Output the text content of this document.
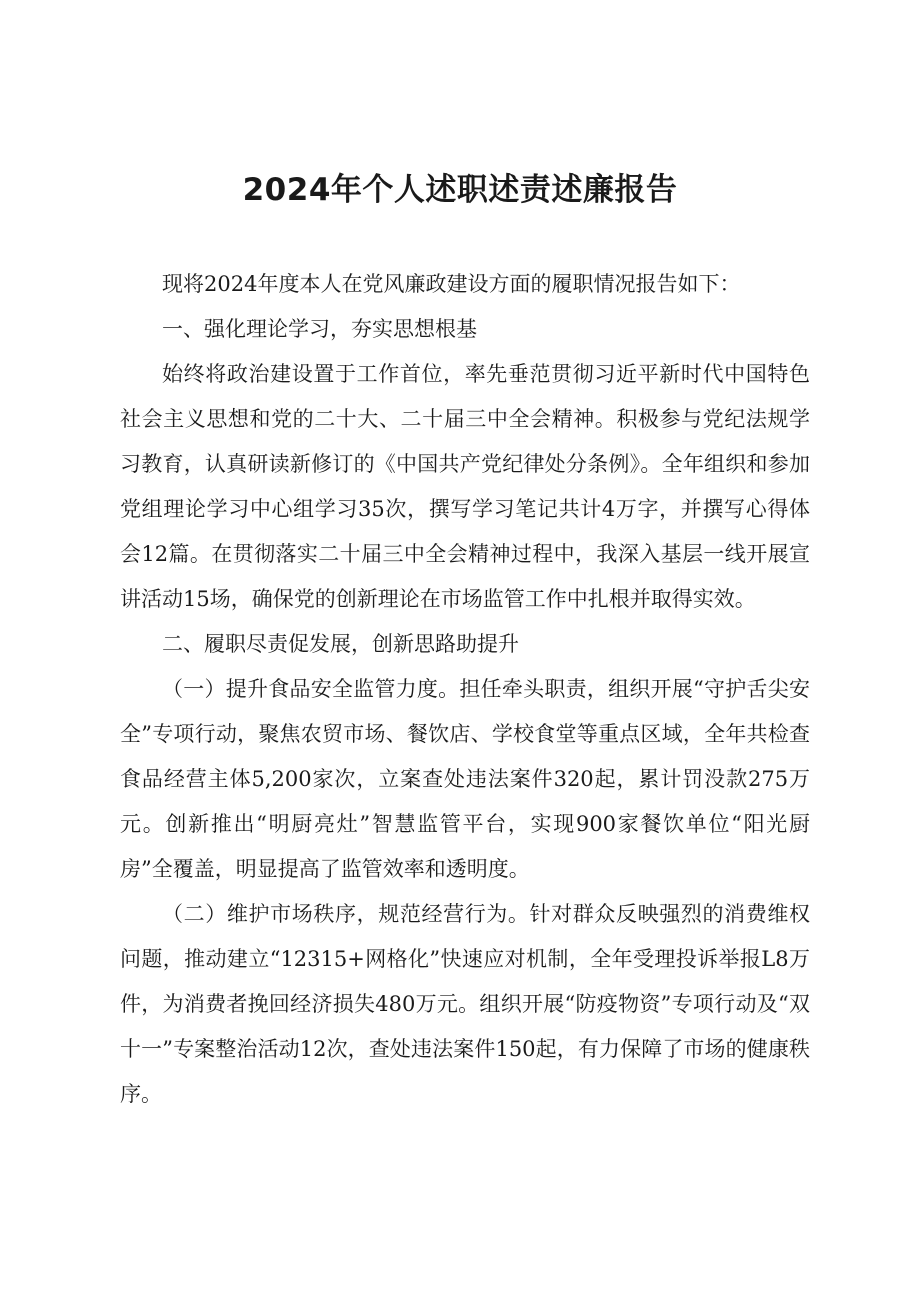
2024年个人述职述责述廉报告

现将2024年度本人在党风廉政建设方面的履职情况报告如下：

一、强化理论学习，夯实思想根基

始终将政治建设置于工作首位，率先垂范贯彻习近平新时代中国特色社会主义思想和党的二十大、二十届三中全会精神。积极参与党纪法规学习教育，认真研读新修订的《中国共产党纪律处分条例》。全年组织和参加党组理论学习中心组学习35次，撰写学习笔记共计4万字，并撰写心得体会12篇。在贯彻落实二十届三中全会精神过程中，我深入基层一线开展宣讲活动15场，确保党的创新理论在市场监管工作中扎根并取得实效。

二、履职尽责促发展，创新思路助提升

（一）提升食品安全监管力度。担任牵头职责，组织开展“守护舌尖安全”专项行动，聚焦农贸市场、餐饮店、学校食堂等重点区域，全年共检查食品经营主体5,200家次，立案查处违法案件320起，累计罚没款275万元。创新推出“明厨亮灶”智慧监管平台，实现900家餐饮单位“阳光厨房”全覆盖，明显提高了监管效率和透明度。

（二）维护市场秩序，规范经营行为。针对群众反映强烈的消费维权问题，推动建立“12315+网格化”快速应对机制，全年受理投诉举报L8万件，为消费者挽回经济损失480万元。组织开展“防疫物资”专项行动及“双十一”专案整治活动12次，查处违法案件150起，有力保障了市场的健康秩序。
